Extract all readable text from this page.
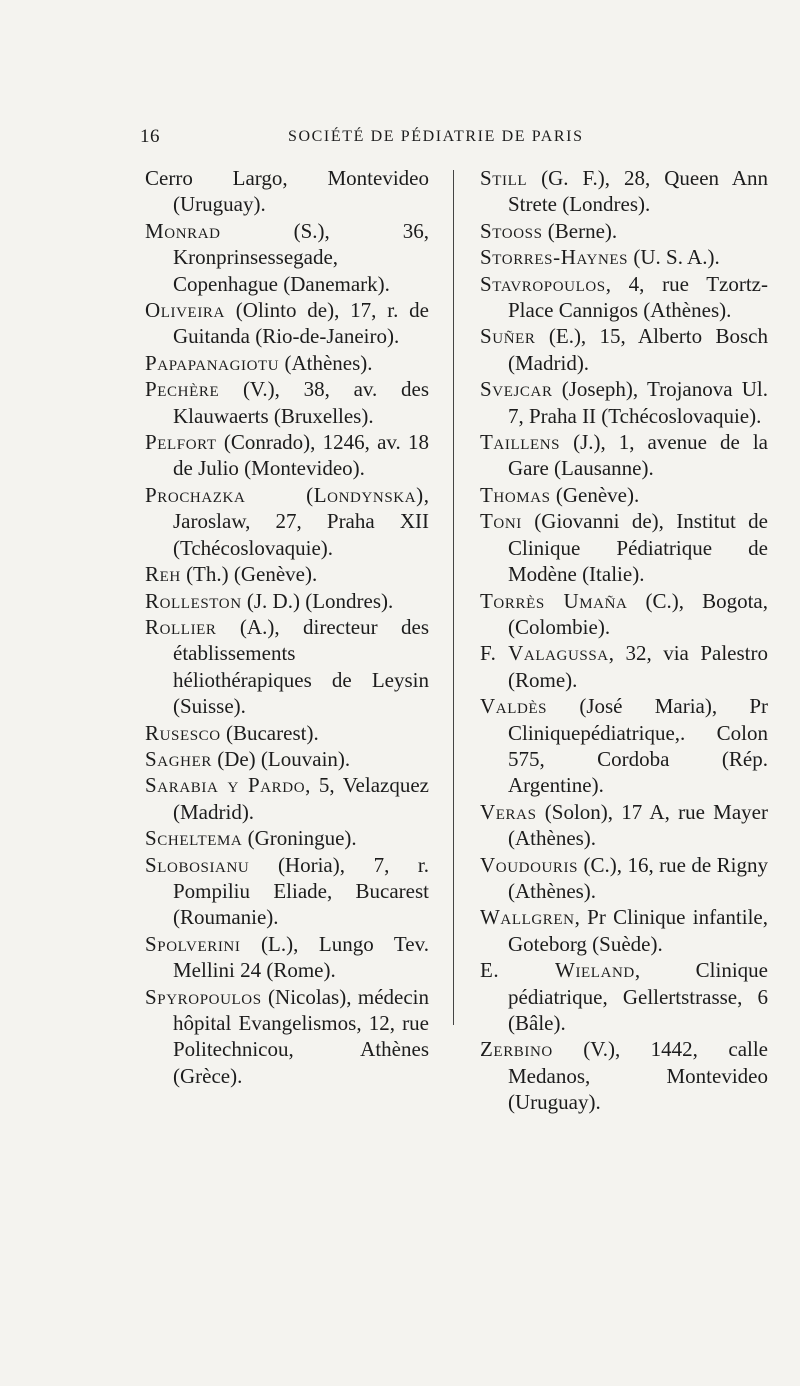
16	SOCIÉTÉ DE PÉDIATRIE DE PARIS

Cerro Largo, Montevideo (Uruguay).

Monrad (S.), 36, Kronprinsessegade, Copenhague (Danemark).

Oliveira (Olinto de), 17, r. de Guitanda (Rio-de-Janeiro).

Papapanagiotu (Athènes).

Pechère (V.), 38, av. des Klauwaerts (Bruxelles).

Pelfort (Conrado), 1246, av. 18 de Julio (Montevideo).

Prochazka (Londynska), Jaroslaw, 27, Praha XII (Tchécoslovaquie).

Reh (Th.) (Genève).

Rolleston (J. D.) (Londres).

Rollier (A.), directeur des établissements héliothérapiques de Leysin (Suisse).

Rusesco (Bucarest).

Sagher (De) (Louvain).

Sarabia y Pardo, 5, Velazquez (Madrid).

Scheltema (Groningue).

Slobosianu (Horia), 7, r. Pompiliu Eliade, Bucarest (Roumanie).

Spolverini (L.), Lungo Tev. Mellini 24 (Rome).

Spyropoulos (Nicolas), médecin hôpital Evangelismos, 12, rue Politechnicou, Athènes (Grèce).

Still (G. F.), 28, Queen Ann Strete (Londres).

Stooss (Berne).

Storres-Haynes (U. S. A.).

Stavropoulos, 4, rue Tzortz-Place Cannigos (Athènes).

Suñer (E.), 15, Alberto Bosch (Madrid).

Svejcar (Joseph), Trojanova Ul. 7, Praha II (Tchécoslovaquie).

Taillens (J.), 1, avenue de la Gare (Lausanne).

Thomas (Genève).

Toni (Giovanni de), Institut de Clinique Pédiatrique de Modène (Italie).

Torrès Umaña (C.), Bogota, (Colombie).

F. Valagussa, 32, via Palestro (Rome).

Valdès (José Maria), Pr Cliniquepédiatrique,. Colon 575, Cordoba (Rép. Argentine).

Veras (Solon), 17 A, rue Mayer (Athènes).

Voudouris (C.), 16, rue de Rigny (Athènes).

Wallgren, Pr Clinique infantile, Goteborg (Suède).

E. Wieland, Clinique pédiatrique, Gellertstrasse, 6 (Bâle).

Zerbino (V.), 1442, calle Medanos, Montevideo (Uruguay).
